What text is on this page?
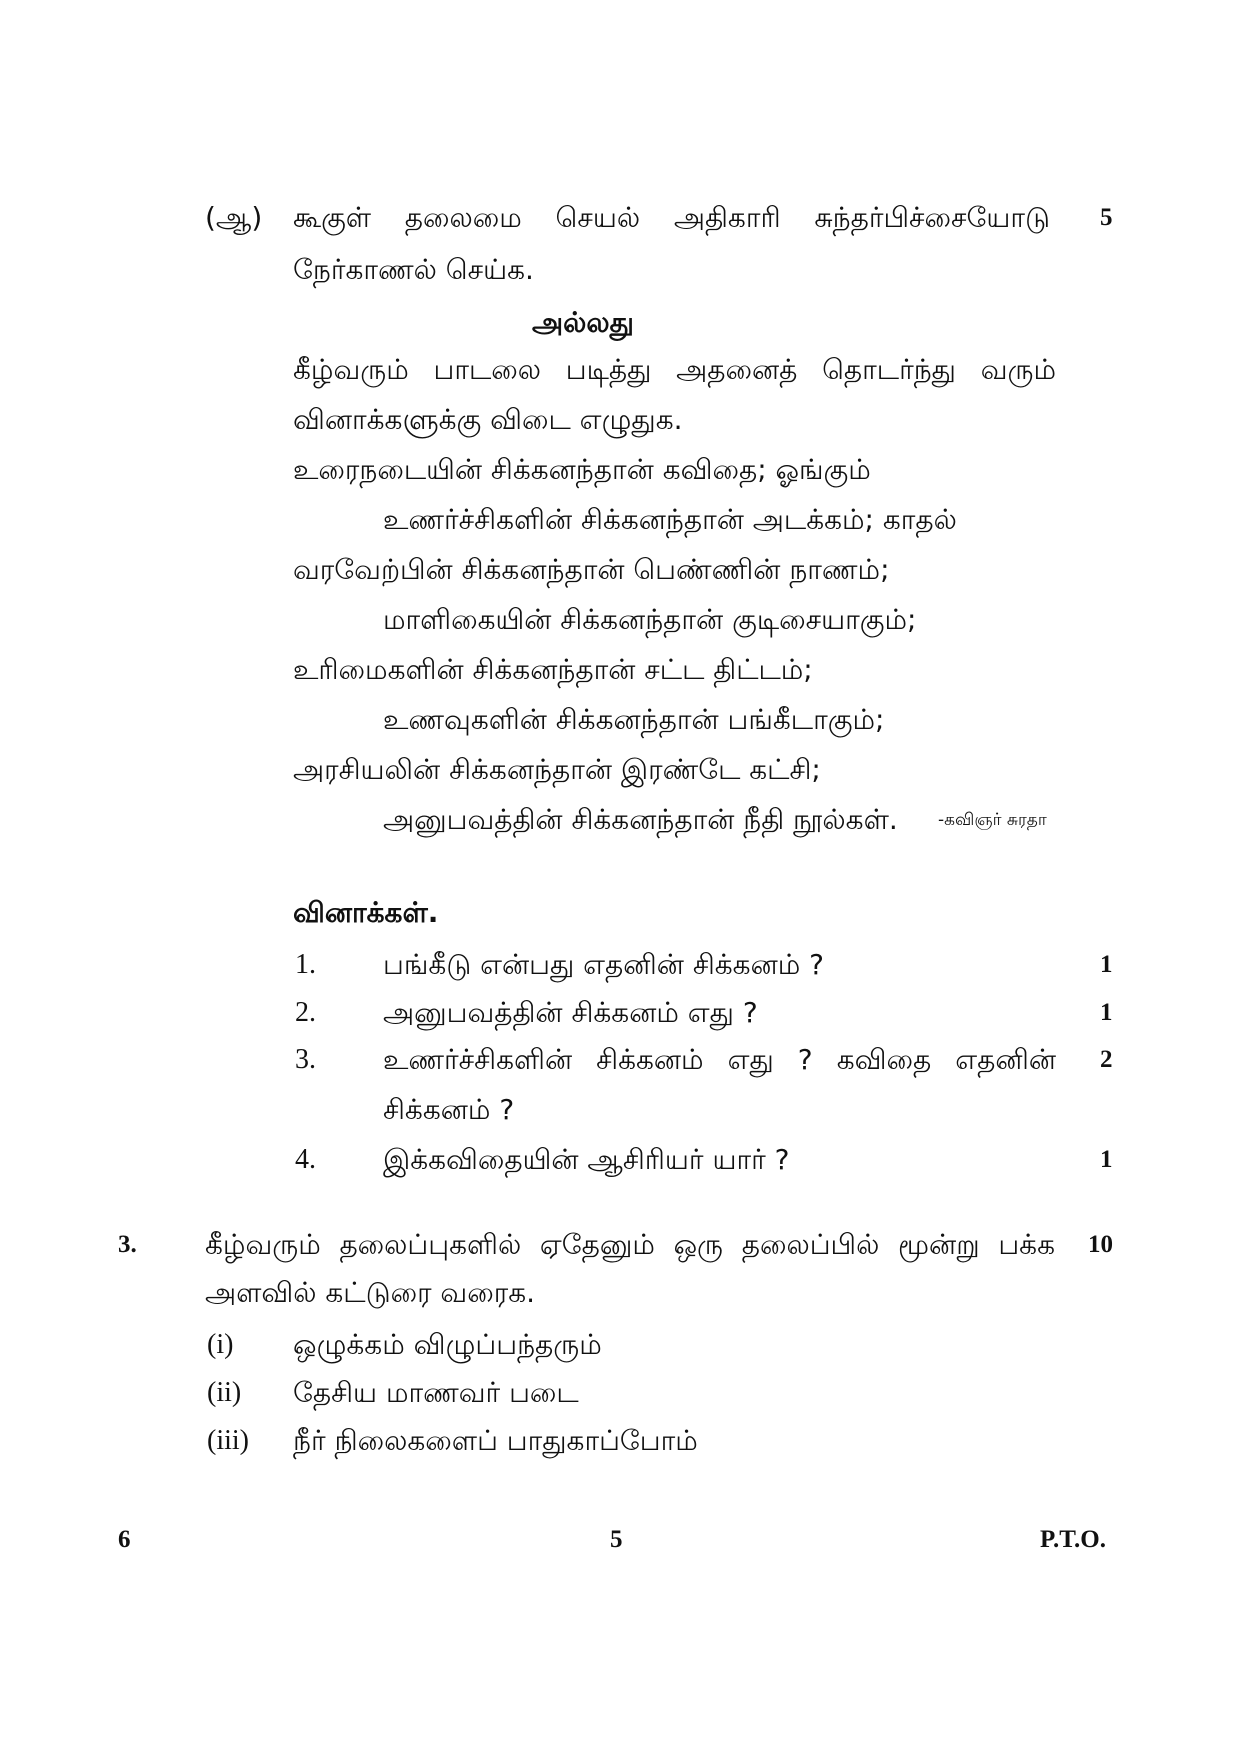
(ஆ) கூகுள் தலைமை செயல் அதிகாரி சுந்தர்பிச்சையோடு 5
நேர்காணல் செய்க.
அல்லது
கீழ்வரும் பாடலை படித்து அதனைத் தொடர்ந்து வரும்
வினாக்களுக்கு விடை எழுதுக.
உரைநடையின் சிக்கனந்தான் கவிதை; ஓங்கும்
உணர்ச்சிகளின் சிக்கனந்தான் அடக்கம்; காதல்
வரவேற்பின் சிக்கனந்தான் பெண்ணின் நாணம்;
மாளிகையின் சிக்கனந்தான் குடிசையாகும்;
உரிமைகளின் சிக்கனந்தான் சட்ட திட்டம்;
உணவுகளின் சிக்கனந்தான் பங்கீடாகும்;
அரசியலின் சிக்கனந்தான் இரண்டே கட்சி;
அனுபவத்தின் சிக்கனந்தான் நீதி நூல்கள். -கவிஞர் சுரதா
வினாக்கள்.
1. பங்கீடு என்பது எதனின் சிக்கனம் ?	1
2. அனுபவத்தின் சிக்கனம் எது ?	1
3. உணர்ச்சிகளின் சிக்கனம் எது ? கவிதை எதனின் 2
சிக்கனம் ?
4. இக்கவிதையின் ஆசிரியர் யார் ?	1
3. கீழ்வரும் தலைப்புகளில் ஏதேனும் ஒரு தலைப்பில் மூன்று பக்க 10
அளவில் கட்டுரை வரைக.
(i) ஒழுக்கம் விழுப்பந்தரும்
(ii) தேசிய மாணவர் படை
(iii) நீர் நிலைகளைப் பாதுகாப்போம்
6	5	P.T.O.
